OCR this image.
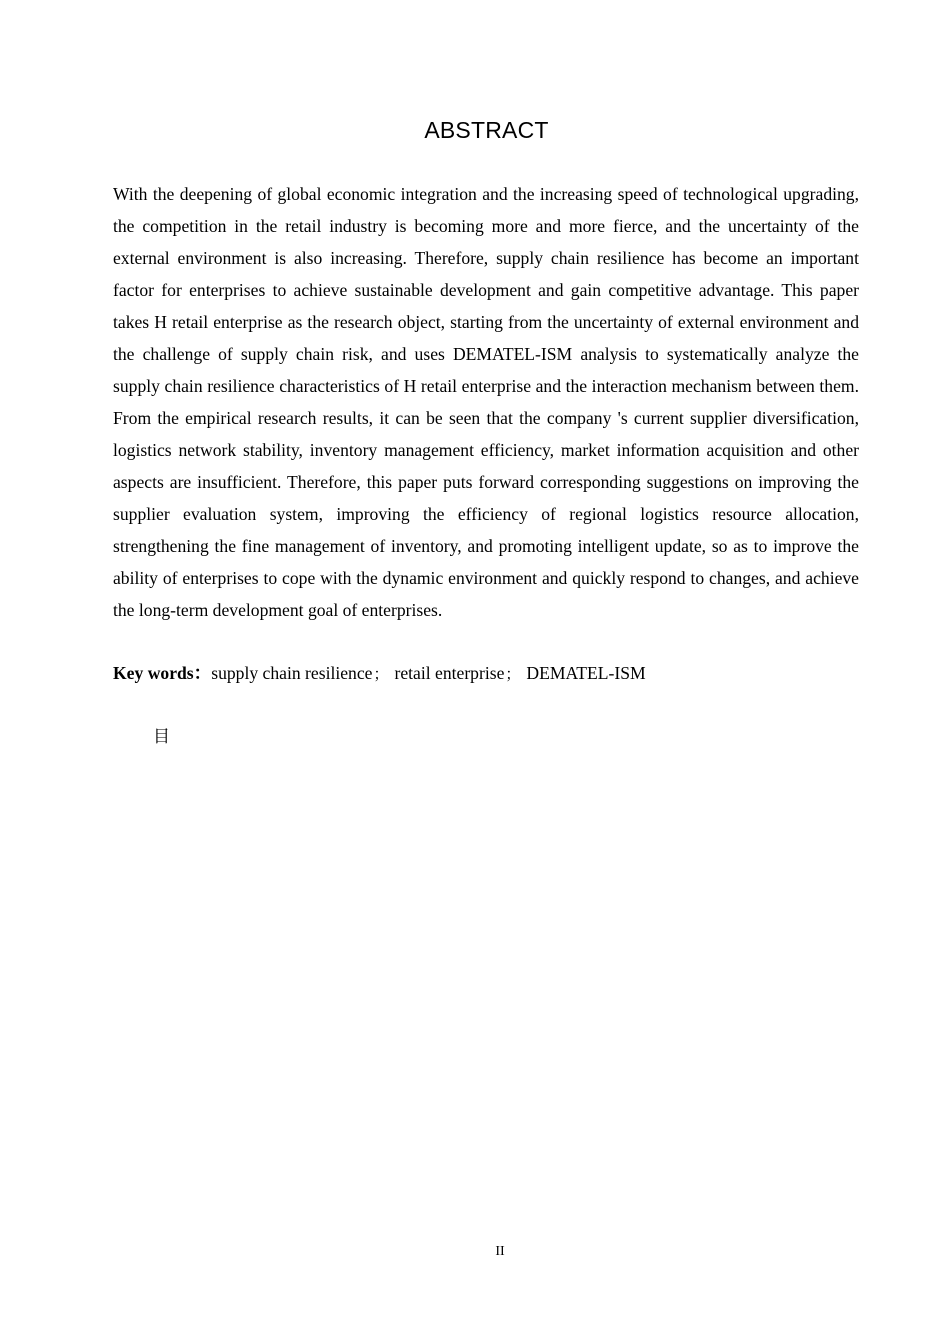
ABSTRACT

With the deepening of global economic integration and the increasing speed of technological upgrading, the competition in the retail industry is becoming more and more fierce, and the uncertainty of the external environment is also increasing. Therefore, supply chain resilience has become an important factor for enterprises to achieve sustainable development and gain competitive advantage. This paper takes H retail enterprise as the research object, starting from the uncertainty of external environment and the challenge of supply chain risk, and uses DEMATEL-ISM analysis to systematically analyze the supply chain resilience characteristics of H retail enterprise and the interaction mechanism between them. From the empirical research results, it can be seen that the company 's current supplier diversification, logistics network stability, inventory management efficiency, market information acquisition and other aspects are insufficient. Therefore, this paper puts forward corresponding suggestions on improving the supplier evaluation system, improving the efficiency of regional logistics resource allocation, strengthening the fine management of inventory, and promoting intelligent update, so as to improve the ability of enterprises to cope with the dynamic environment and quickly respond to changes, and achieve the long-term development goal of enterprises.

Key words：supply chain resilience； retail enterprise； DEMATEL-ISM

目
II
